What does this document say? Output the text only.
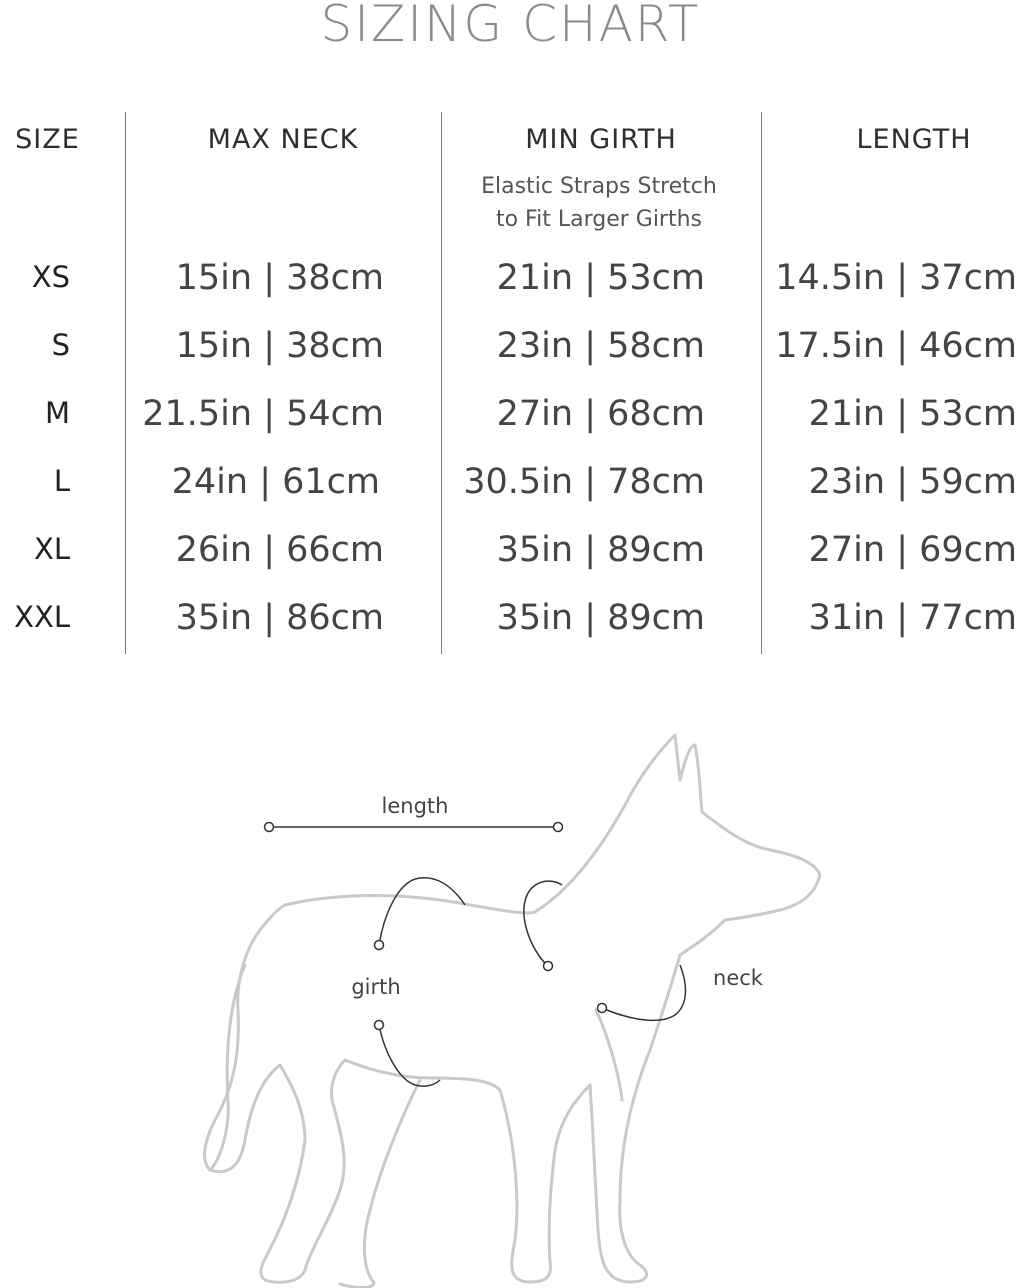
SIZING CHART
SIZE	MAX NECK	MIN GIRTH	LENGTH
Elastic Straps Stretch
to Fit Larger Girths
XS	15in | 38cm	21in | 53cm 14.5in | 37cm
S	15in | 38cm	23in | 58cm 17.5in | 46cm
M 21.5in | 54cm	27in | 68cm	21in | 53cm
L	24in | 61cm 30.5in | 78cm	23in | 59cm
XL	26in | 66cm	35in | 89cm	27in | 69cm
XXL	35in | 86cm	35in | 89cm	31in | 77cm
length
girth	neck
